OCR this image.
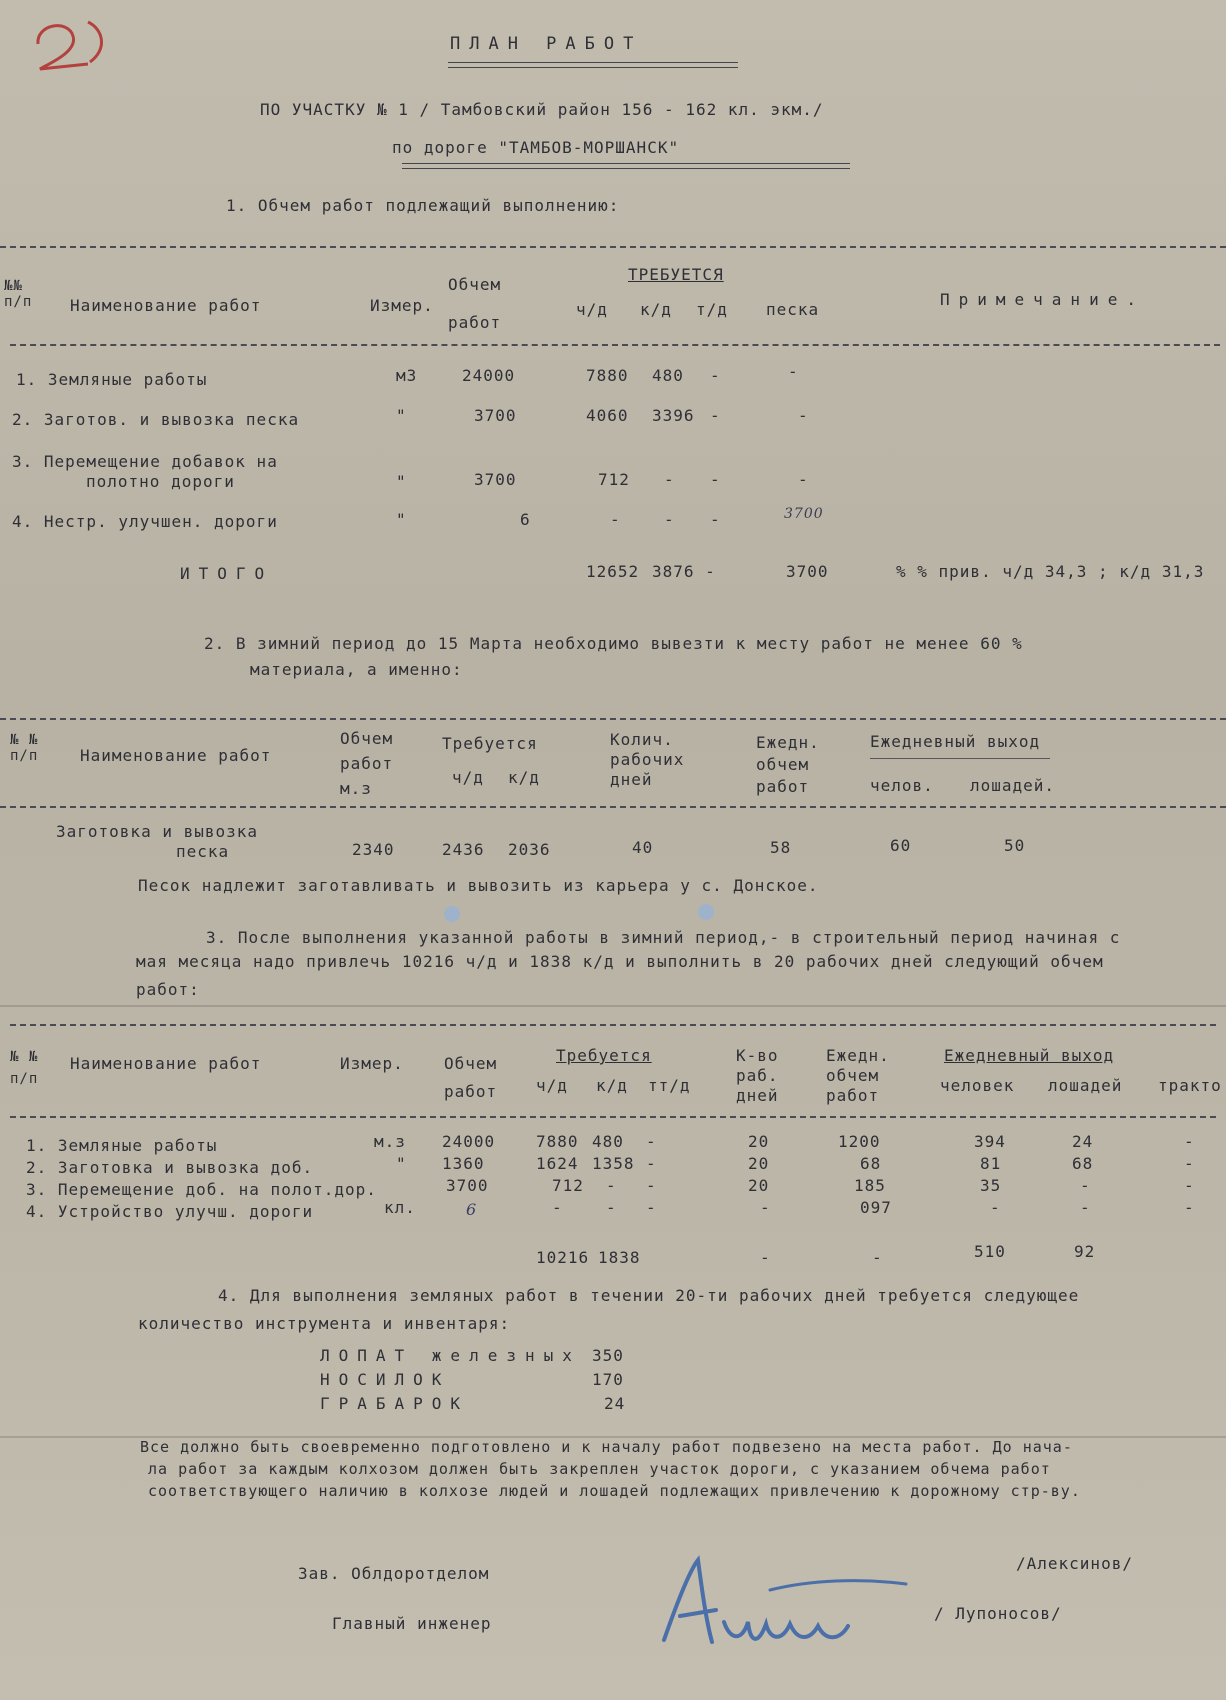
ПЛАН РАБОТ
ПО УЧАСТКУ № 1 / Тамбовский район 156 - 162 кл. экм./
по дороге "ТАМБОВ-МОРШАНСК"
1. Обчем работ подлежащий выполнению:
№№ п/п Наименование работ	Измер.
Обчем работ
ТРЕБУЕТСЯ
ч/д к/д т/д песка
Примечание.
1. Земляные работы	м3	24000	7880 480 -	-
2. Заготов. и вывозка песка	"	3700	4060 3396 -	-
3. Перемещение добавок на
полотно дороги	"	3700	712 - -	-
4. Нестр. улучшен. дороги	"	6	-	- -	3700
ИТОГО	12652 3876 -	3700	% % прив. ч/д 34,3 ; к/д 31,3
2. В зимний период до 15 Марта необходимо вывезти к месту работ не менее 60 %
материала, а именно:
№ № п/п	Наименование работ
Обчем работ м.з
Требуется
ч/д к/д
Колич. рабочих дней
Ежедн. обчем работ
Ежедневный выход
челов. лошадей.
Заготовка и вывозка
песка	2340	2436 2036	40	58	60	50
Песок надлежит заготавливать и вывозить из карьера у с. Донское.
3. После выполнения указанной работы в зимний период,- в строительный период начиная с
мая месяца надо привлечь 10216 ч/д и 1838 к/д и выполнить в 20 рабочих дней следующий обчем
работ:
№ № п/п
Наименование работ	Измер.	Обчем работ
Требуется
ч/д к/д тт/д
К-во раб. дней
Ежедн. обчем работ
Ежедневный выход
человек лошадей тракто
1. Земляные работы	м.з 24000	7880 480 -	20	1200	394	24	-
2. Заготовка и вывозка доб.	" 1360	1624 1358 -	20	68	81	68	-
3. Перемещение доб. на полот.дор.	3700	712 - -	20	185	35	-	-
4. Устройство улучш. дороги	кл.	6	-	- -	-	097	-	-	-
10216 1838	-	-	510	92
4. Для выполнения земляных работ в течении 20-ти рабочих дней требуется следующее
количество инструмента и инвентаря:
ЛОПАТ железных 350
НОСИЛОК	170
ГРАБАРОК	24
Все должно быть своевременно подготовлено и к началу работ подвезено на места работ. До нача-
ла работ за каждым колхозом должен быть закреплен участок дороги, с указанием обчема работ
соответствующего наличию в колхозе людей и лошадей подлежащих привлечению к дорожному стр-ву.
Зав. Облдоротделом
/Алексинов/
Главный инженер
/ Лупоносов/
